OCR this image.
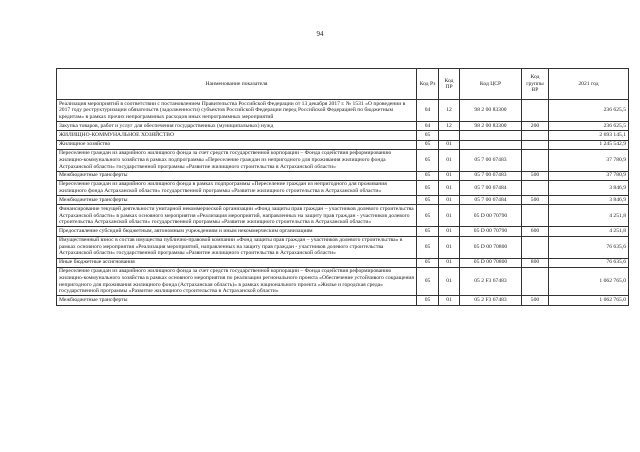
94
Наименование показателя	Код Рз	Код ПР	Код ЦСР	Код группы ВР	2021 год
Реализация мероприятий в соответствии с постановлением Правительства Российской Федерации от 13 декабря 2017 г. № 1531 «О проведении в 2017 году реструктуризации обязательств (задолженности) субъектов Российской Федерации перед Российской Федерацией по бюджетным кредитам» в рамках прочих непрограммных расходов иных непрограммных мероприятий	04	12	98 2 00 83300		236 625,5
Закупка товаров, работ и услуг для обеспечения государственных (муниципальных) нужд	04	12	98 2 00 83300	200	236 625,5
ЖИЛИЩНО-КОММУНАЛЬНОЕ ХОЗЯЙСТВО	05				2 693 145,1
Жилищное хозяйство	05	01			1 245 542,9
Переселение граждан из аварийного жилищного фонда за счет средств государственной корпорации – Фонда содействия реформированию жилищно-коммунального хозяйства в рамках подпрограммы «Переселение граждан из непригодного для проживания жилищного фонда Астраханской области» государственной программы «Развитие жилищного строительства в Астраханской области»	05	01	05 7 00 67483		37 780,9
Межбюджетные трансферты	05	01	05 7 00 67483	500	37 780,9
Переселение граждан из аварийного жилищного фонда в рамках подпрограммы «Переселение граждан из непригодного для проживания жилищного фонда Астраханской области» государственной программы «Развитие жилищного строительства в Астраханской области»	05	01	05 7 00 67484		3 846,9
Межбюджетные трансферты	05	01	05 7 00 67484	500	3 846,9
Финансирование текущей деятельности унитарной некоммерческой организации «Фонд защиты прав граждан – участников долевого строительства Астраханской области» в рамках основного мероприятия «Реализация мероприятий, направленных на защиту прав граждан - участников долевого строительства Астраханской области» государственной программы «Развитие жилищного строительства в Астраханской области»	05	01	05 D 00 70790		4 251,8
Предоставление субсидий бюджетным, автономным учреждениям и иным некоммерческим организациям	05	01	05 D 00 70790	600	4 251,8
Имущественный взнос в состав имущества публично-правовой компании «Фонд защиты прав граждан – участников долевого строительства» в рамках основного мероприятия «Реализация мероприятий, направленных на защиту прав граждан - участников долевого строительства Астраханской области» государственной программы «Развитие жилищного строительства в Астраханской области»	05	01	05 D 00 70800		76 635,6
Иные бюджетные ассигнования	05	01	05 D 00 70800	800	76 635,6
Переселение граждан из аварийного жилищного фонда за счет средств государственной корпорации – Фонда содействия реформированию жилищно-коммунального хозяйства в рамках основного мероприятия по реализации регионального проекта «Обеспечение устойчивого сокращения непригодного для проживания жилищного фонда (Астраханская область)» в рамках национального проекта «Жилье и городская среда» государственной программы «Развитие жилищного строительства в Астраханской области»	05	01	05 2 F3 67483		1 062 765,0
Межбюджетные трансферты	05	01	05 2 F3 67483	500	1 062 765,0
